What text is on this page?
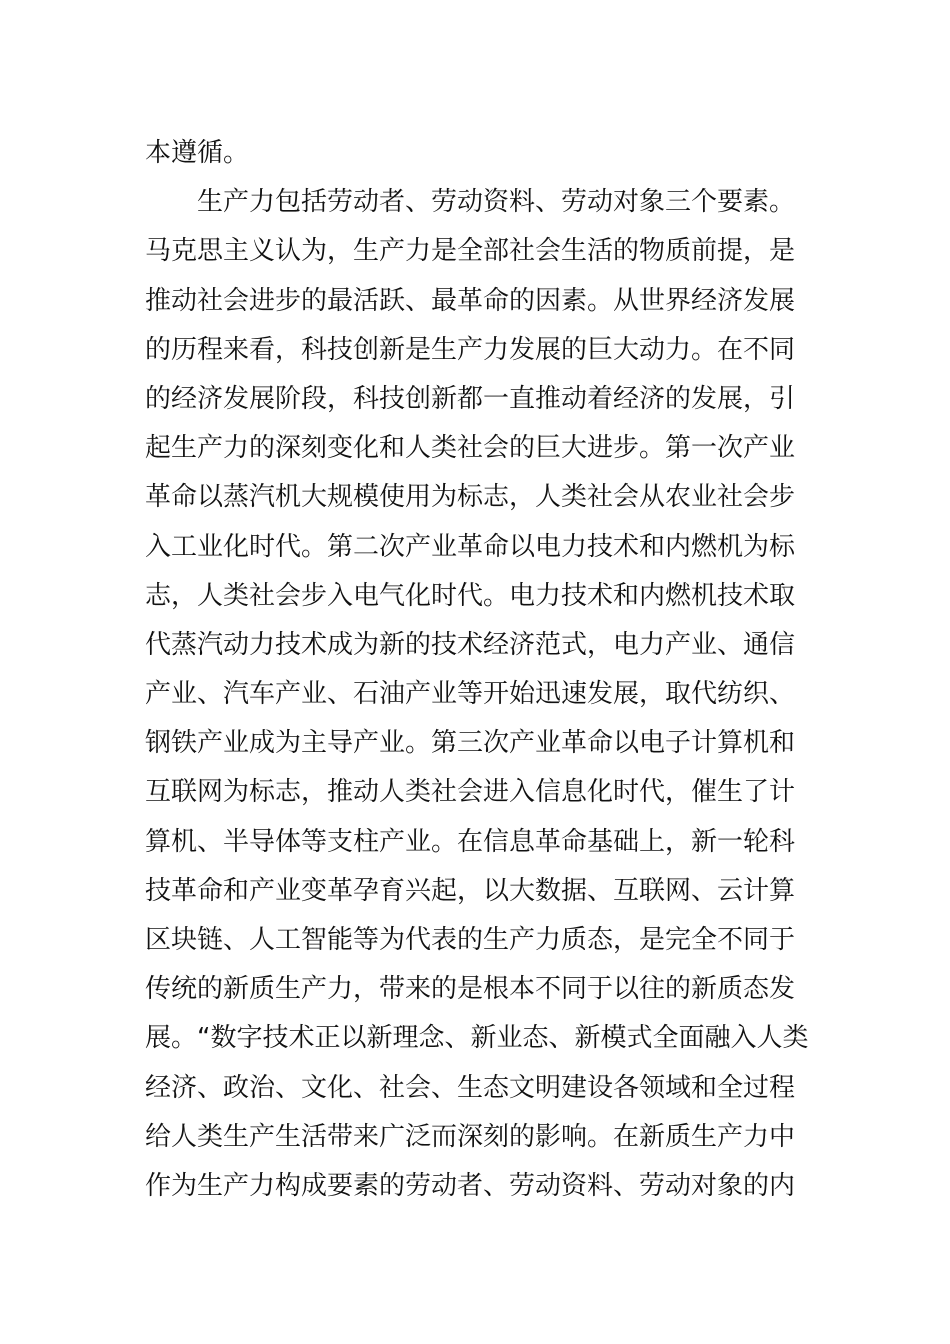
本遵循。
　　生产力包括劳动者、劳动资料、劳动对象三个要素。
马克思主义认为，生产力是全部社会生活的物质前提，是
推动社会进步的最活跃、最革命的因素。从世界经济发展
的历程来看，科技创新是生产力发展的巨大动力。在不同
的经济发展阶段，科技创新都一直推动着经济的发展，引
起生产力的深刻变化和人类社会的巨大进步。第一次产业
革命以蒸汽机大规模使用为标志，人类社会从农业社会步
入工业化时代。第二次产业革命以电力技术和内燃机为标
志，人类社会步入电气化时代。电力技术和内燃机技术取
代蒸汽动力技术成为新的技术经济范式，电力产业、通信
产业、汽车产业、石油产业等开始迅速发展，取代纺织、
钢铁产业成为主导产业。第三次产业革命以电子计算机和
互联网为标志，推动人类社会进入信息化时代，催生了计
算机、半导体等支柱产业。在信息革命基础上，新一轮科
技革命和产业变革孕育兴起，以大数据、互联网、云计算
区块链、人工智能等为代表的生产力质态，是完全不同于
传统的新质生产力，带来的是根本不同于以往的新质态发
展。“数字技术正以新理念、新业态、新模式全面融入人类
经济、政治、文化、社会、生态文明建设各领域和全过程
给人类生产生活带来广泛而深刻的影响。在新质生产力中
作为生产力构成要素的劳动者、劳动资料、劳动对象的内
